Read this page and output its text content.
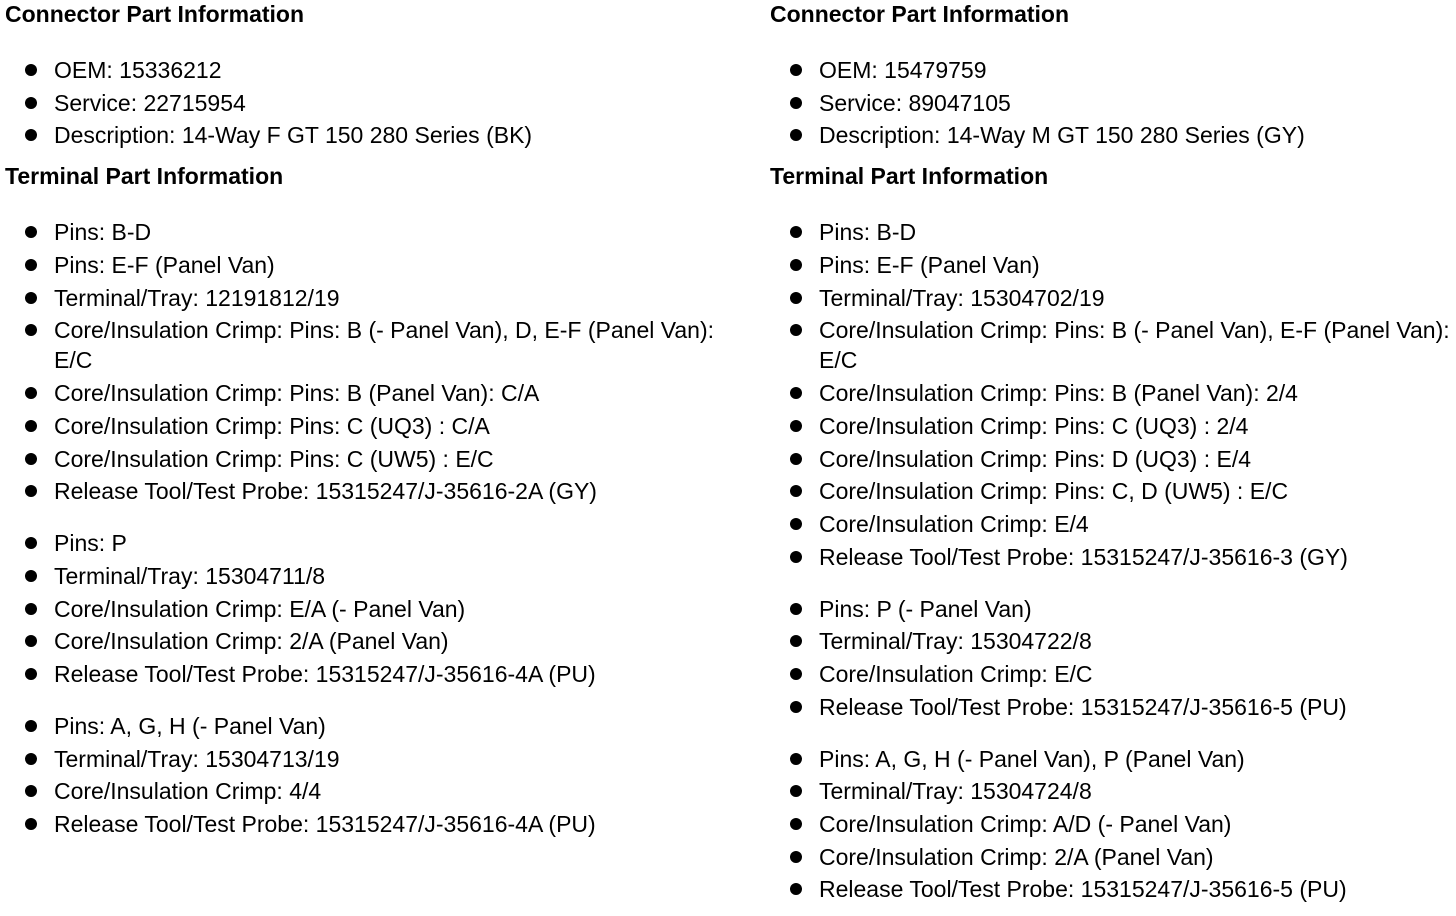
Connector Part Information
OEM: 15336212
Service: 22715954
Description: 14-Way F GT 150 280 Series (BK)
Terminal Part Information
Pins: B-D
Pins: E-F (Panel Van)
Terminal/Tray: 12191812/19
Core/Insulation Crimp: Pins: B (- Panel Van), D, E-F (Panel Van): E/C
Core/Insulation Crimp: Pins: B (Panel Van): C/A
Core/Insulation Crimp: Pins: C (UQ3) : C/A
Core/Insulation Crimp: Pins: C (UW5) : E/C
Release Tool/Test Probe: 15315247/J-35616-2A (GY)
Pins: P
Terminal/Tray: 15304711/8
Core/Insulation Crimp: E/A (- Panel Van)
Core/Insulation Crimp: 2/A (Panel Van)
Release Tool/Test Probe: 15315247/J-35616-4A (PU)
Pins: A, G, H (- Panel Van)
Terminal/Tray: 15304713/19
Core/Insulation Crimp: 4/4
Release Tool/Test Probe: 15315247/J-35616-4A (PU)
Connector Part Information
OEM: 15479759
Service: 89047105
Description: 14-Way M GT 150 280 Series (GY)
Terminal Part Information
Pins: B-D
Pins: E-F (Panel Van)
Terminal/Tray: 15304702/19
Core/Insulation Crimp: Pins: B (- Panel Van), E-F (Panel Van): E/C
Core/Insulation Crimp: Pins: B (Panel Van): 2/4
Core/Insulation Crimp: Pins: C (UQ3) : 2/4
Core/Insulation Crimp: Pins: D (UQ3) : E/4
Core/Insulation Crimp: Pins: C, D (UW5) : E/C
Core/Insulation Crimp: E/4
Release Tool/Test Probe: 15315247/J-35616-3 (GY)
Pins: P (- Panel Van)
Terminal/Tray: 15304722/8
Core/Insulation Crimp: E/C
Release Tool/Test Probe: 15315247/J-35616-5 (PU)
Pins: A, G, H (- Panel Van), P (Panel Van)
Terminal/Tray: 15304724/8
Core/Insulation Crimp: A/D (- Panel Van)
Core/Insulation Crimp: 2/A (Panel Van)
Release Tool/Test Probe: 15315247/J-35616-5 (PU)
